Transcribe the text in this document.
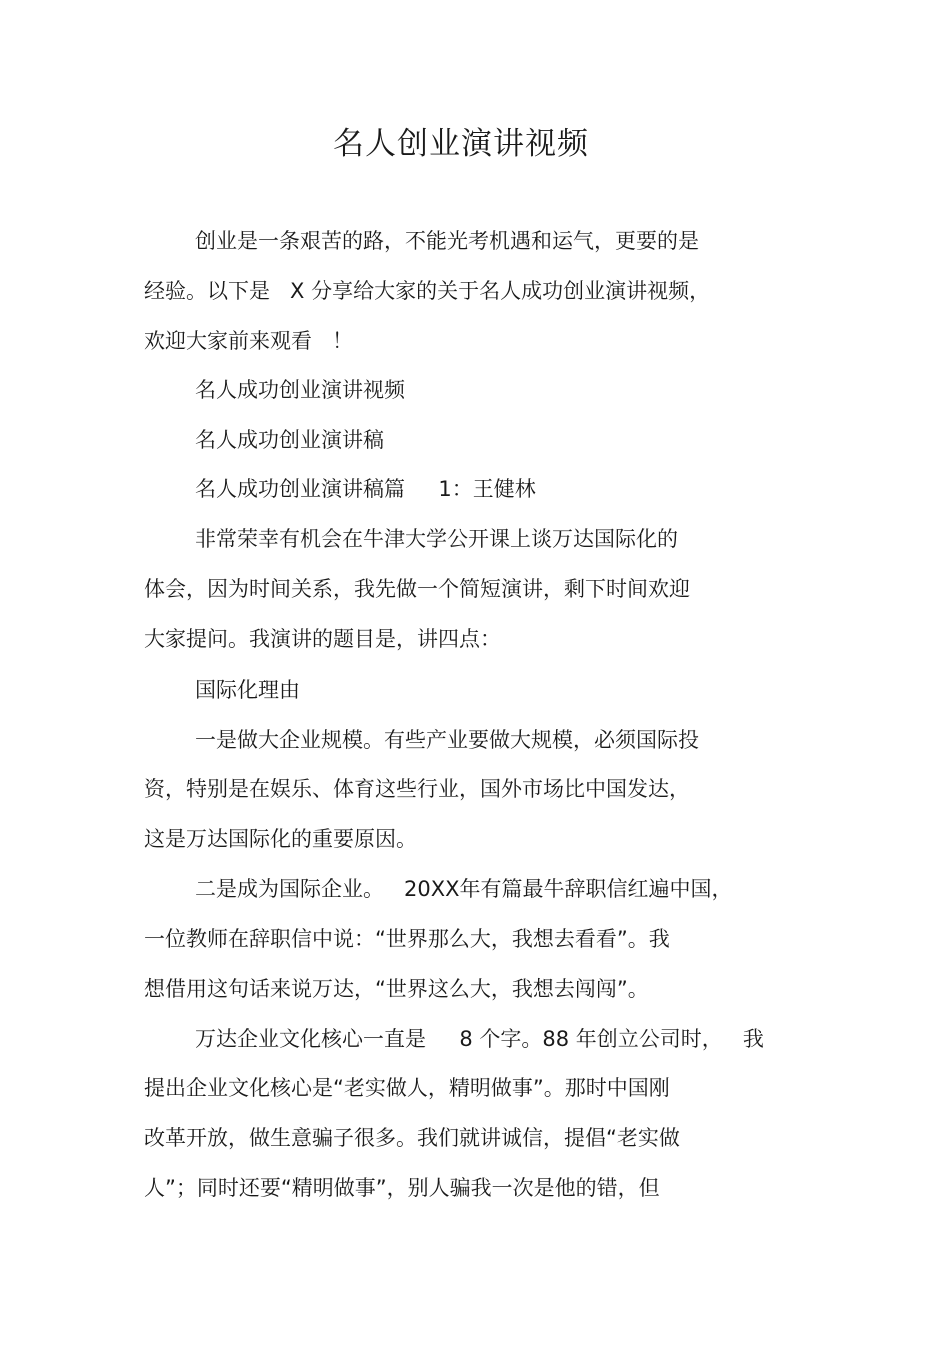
名人创业演讲视频
创业是一条艰苦的路，不能光考机遇和运气，更要的是
经验。以下是   X 分享给大家的关于名人成功创业演讲视频，
欢迎大家前来观看   ！
名人成功创业演讲视频
名人成功创业演讲稿
名人成功创业演讲稿篇     1：王健林
非常荣幸有机会在牛津大学公开课上谈万达国际化的
体会，因为时间关系，我先做一个简短演讲，剩下时间欢迎
大家提问。我演讲的题目是，讲四点：
国际化理由
一是做大企业规模。有些产业要做大规模，必须国际投
资，特别是在娱乐、体育这些行业，国外市场比中国发达，
这是万达国际化的重要原因。
二是成为国际企业。   20XX年有篇最牛辞职信红遍中国，
一位教师在辞职信中说：“世界那么大，我想去看看”。我
想借用这句话来说万达，“世界这么大，我想去闯闯”。
万达企业文化核心一直是     8 个字。88 年创立公司时，   我
提出企业文化核心是“老实做人，精明做事”。那时中国刚
改革开放，做生意骗子很多。我们就讲诚信，提倡“老实做
人”；同时还要“精明做事”，别人骗我一次是他的错，但
